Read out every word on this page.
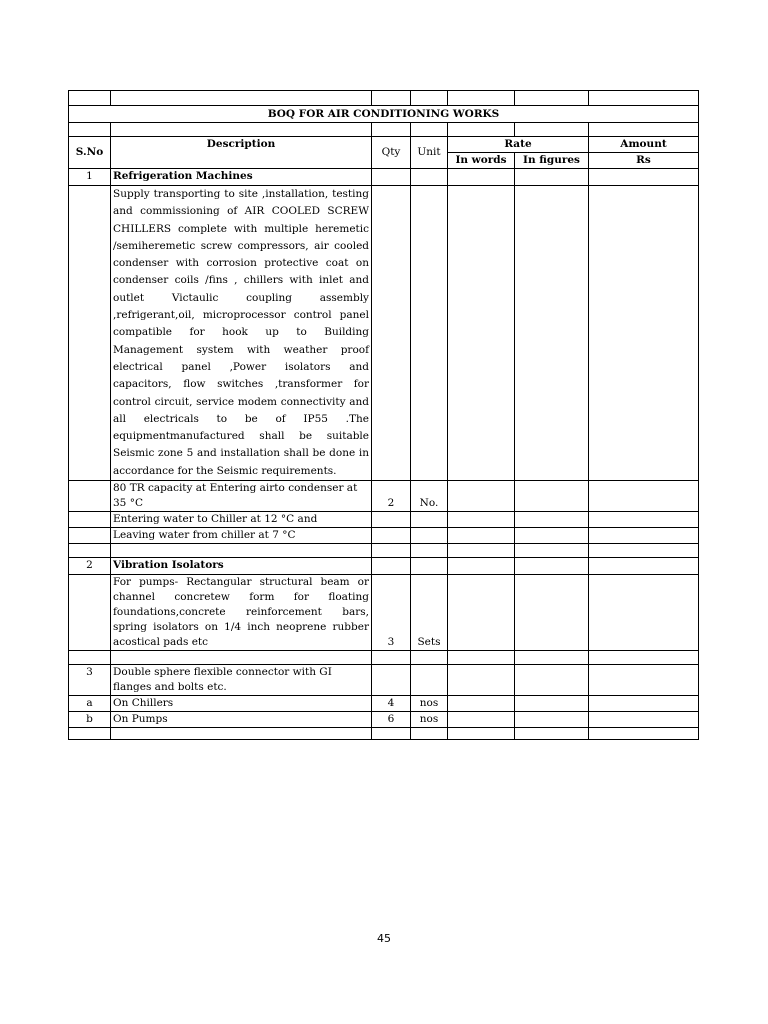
BOQ FOR AIR CONDITIONING WORKS						

S.No	Description	Qty	Unit	Rate		Amount
				In words	In figures	Rs
1	Refrigeration Machines					
	Supply transporting to site ,installation, testing and commissioning of AIR COOLED SCREW CHILLERS complete with multiple heremetic /semiheremetic screw compressors, air cooled condenser with corrosion protective coat on condenser coils /fins , chillers with inlet and outlet Victaulic coupling assembly ,refrigerant,oil, microprocessor control panel compatible for hook up to Building Management system with weather proof electrical panel ,Power isolators and capacitors, flow switches ,transformer for control circuit, service modem connectivity and all electricals to be of IP55 .The equipmentmanufactured shall be suitable Seismic zone 5 and installation shall be done in accordance for the Seismic requirements.					
	80 TR capacity at Entering airto condenser at 35 °C	2	No.			
	Entering water to Chiller at 12 °C and					
	Leaving water from chiller at 7 °C					

2	Vibration Isolators					
	For pumps- Rectangular structural beam or channel concretew form for floating foundations,concrete reinforcement bars, spring isolators on 1/4 inch neoprene rubber acostical pads etc	3	Sets			

3	Double sphere flexible connector with GI flanges and bolts etc.					
a	On Chillers	4	nos			
b	On Pumps	6	nos			

45
